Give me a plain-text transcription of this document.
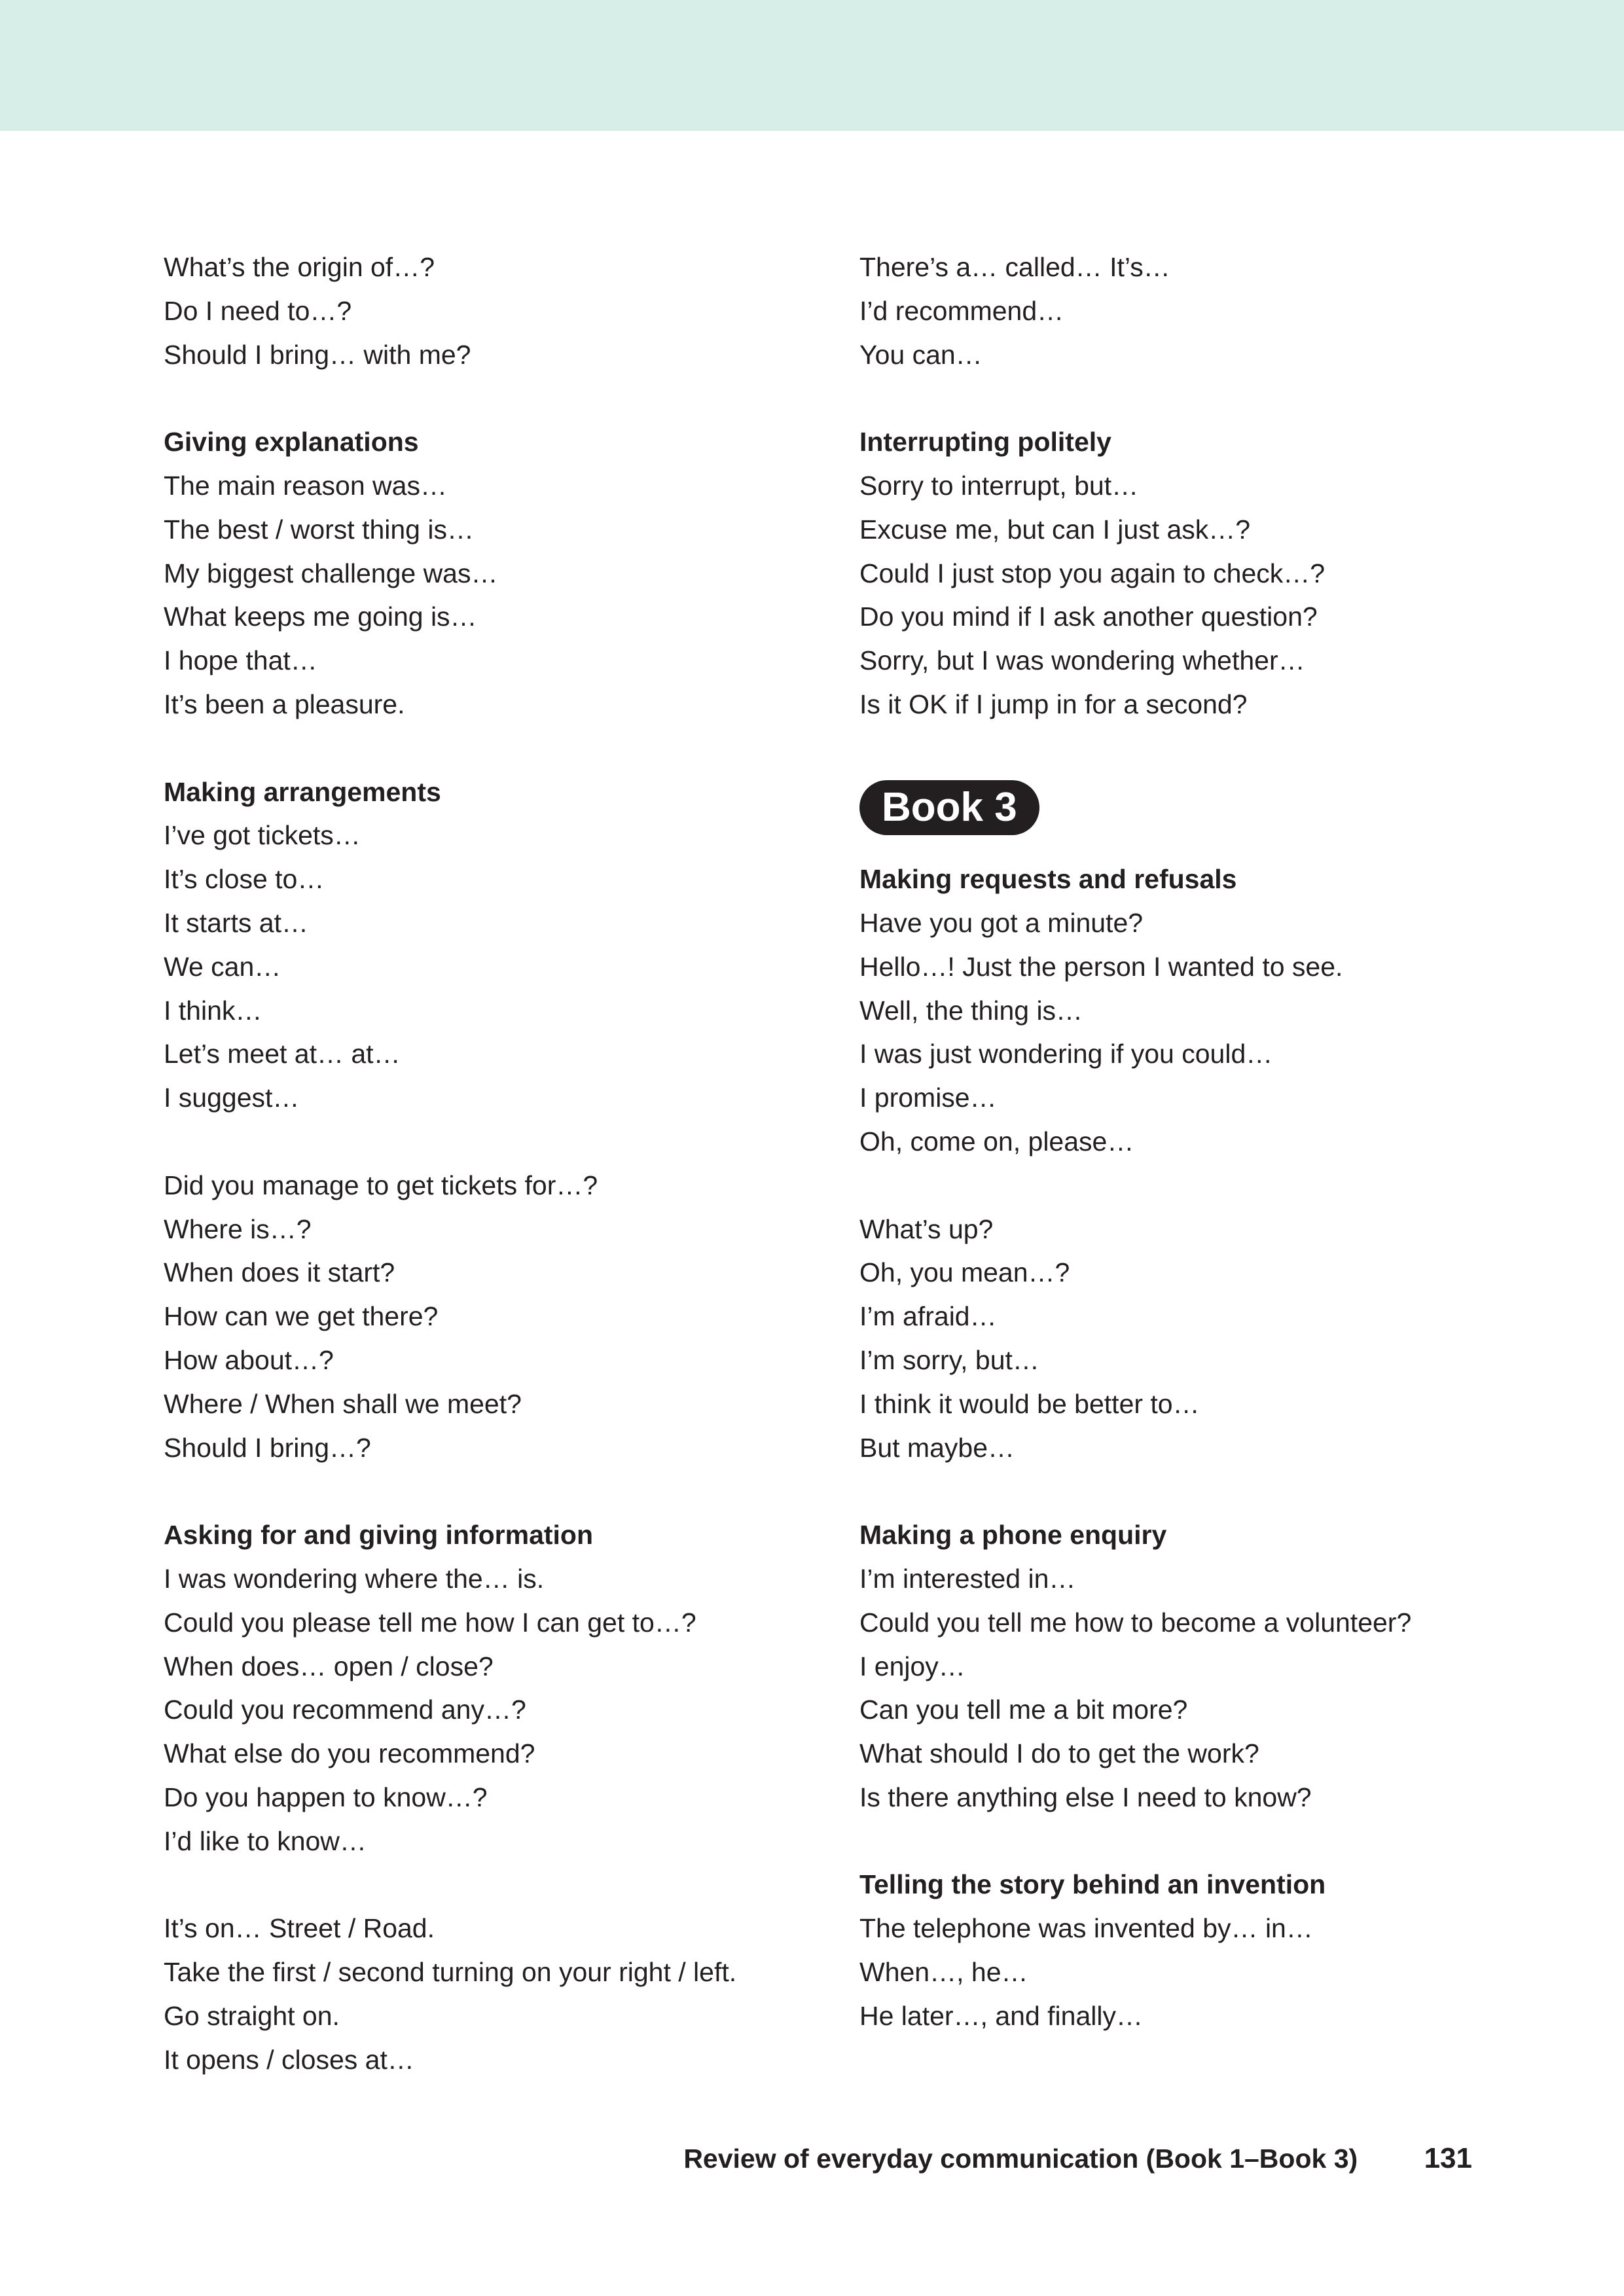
What’s the origin of…?
Do I need to…?
Should I bring… with me?
Giving explanations
The main reason was…
The best / worst thing is…
My biggest challenge was…
What keeps me going is…
I hope that…
It’s been a pleasure.
Making arrangements
I’ve got tickets…
It’s close to…
It starts at…
We can…
I think…
Let’s meet at… at…
I suggest…
Did you manage to get tickets for…?
Where is…?
When does it start?
How can we get there?
How about…?
Where / When shall we meet?
Should I bring…?
Asking for and giving information
I was wondering where the… is.
Could you please tell me how I can get to…?
When does… open / close?
Could you recommend any…?
What else do you recommend?
Do you happen to know…?
I’d like to know…
It’s on… Street / Road.
Take the first / second turning on your right / left.
Go straight on.
It opens / closes at…
There’s a… called… It’s…
I’d recommend…
You can…
Interrupting politely
Sorry to interrupt, but…
Excuse me, but can I just ask…?
Could I just stop you again to check…?
Do you mind if I ask another question?
Sorry, but I was wondering whether…
Is it OK if I jump in for a second?
Book 3
Making requests and refusals
Have you got a minute?
Hello…! Just the person I wanted to see.
Well, the thing is…
I was just wondering if you could…
I promise…
Oh, come on, please…
What’s up?
Oh, you mean…?
I’m afraid…
I’m sorry, but…
I think it would be better to…
But maybe…
Making a phone enquiry
I’m interested in…
Could you tell me how to become a volunteer?
I enjoy…
Can you tell me a bit more?
What should I do to get the work?
Is there anything else I need to know?
Telling the story behind an invention
The telephone was invented by… in…
When…, he…
He later…, and finally…
Review of everyday communication (Book 1–Book 3) 131
